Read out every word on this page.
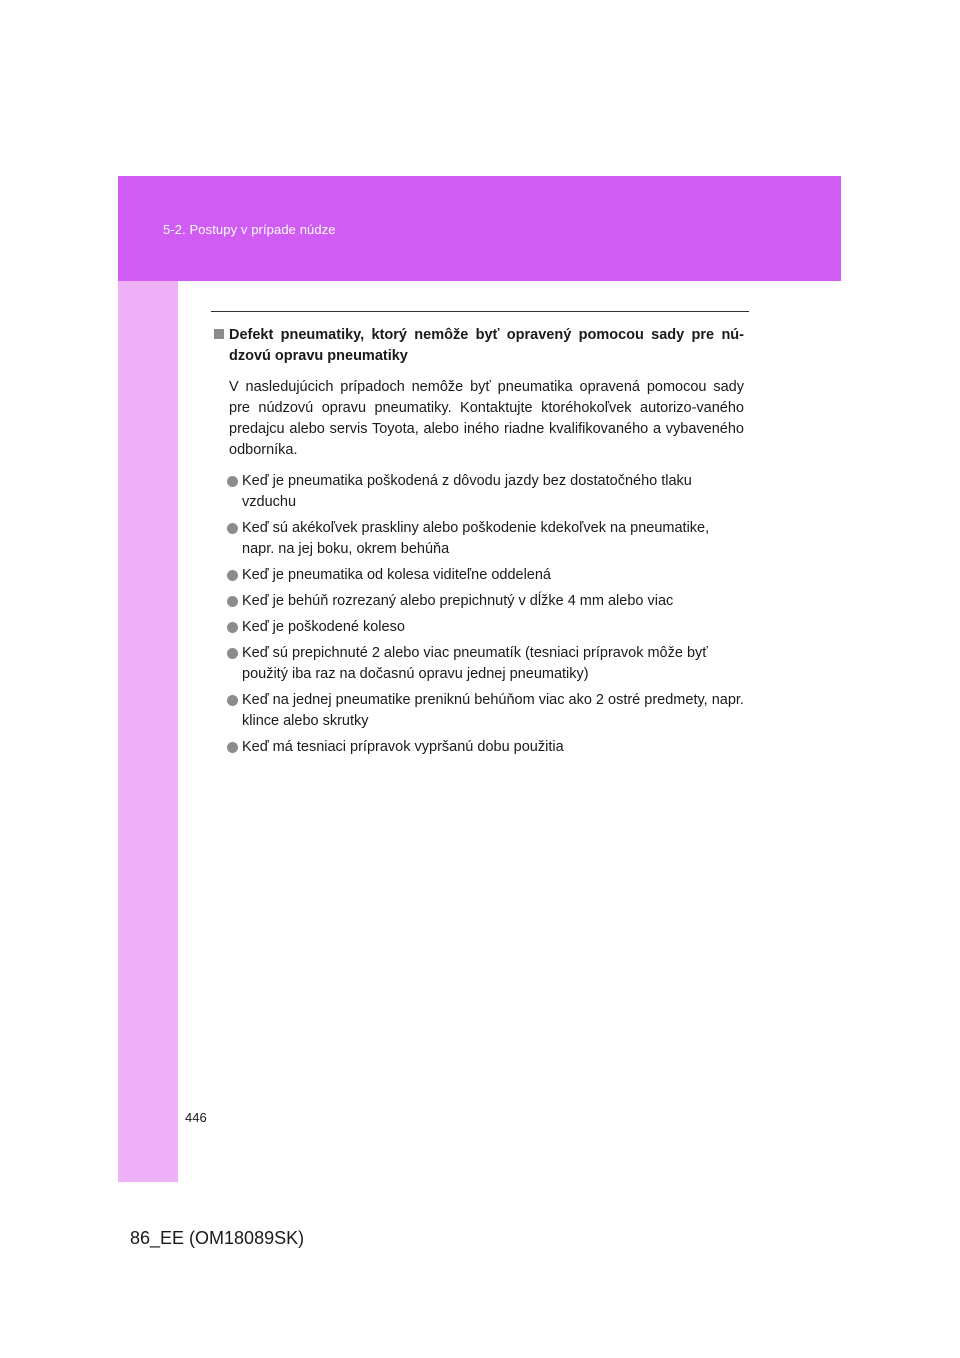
5-2. Postupy v prípade núdze

Defekt pneumatiky, ktorý nemôže byť opravený pomocou sady pre nú-dzovú opravu pneumatiky

V nasledujúcich prípadoch nemôže byť pneumatika opravená pomocou sady pre núdzovú opravu pneumatiky. Kontaktujte ktoréhokoľvek autorizo-vaného predajcu alebo servis Toyota, alebo iného riadne kvalifikovaného a vybaveného odborníka.

Keď je pneumatika poškodená z dôvodu jazdy bez dostatočného tlaku vzduchu
Keď sú akékoľvek praskliny alebo poškodenie kdekoľvek na pneumatike, napr. na jej boku, okrem behúňa
Keď je pneumatika od kolesa viditeľne oddelená
Keď je behúň rozrezaný alebo prepichnutý v dĺžke 4 mm alebo viac
Keď je poškodené koleso
Keď sú prepichnuté 2 alebo viac pneumatík (tesniaci prípravok môže byť použitý iba raz na dočasnú opravu jednej pneumatiky)
Keď na jednej pneumatike preniknú behúňom viac ako 2 ostré predmety, napr. klince alebo skrutky
Keď má tesniaci prípravok vypršanú dobu použitia
446
86_EE (OM18089SK)
